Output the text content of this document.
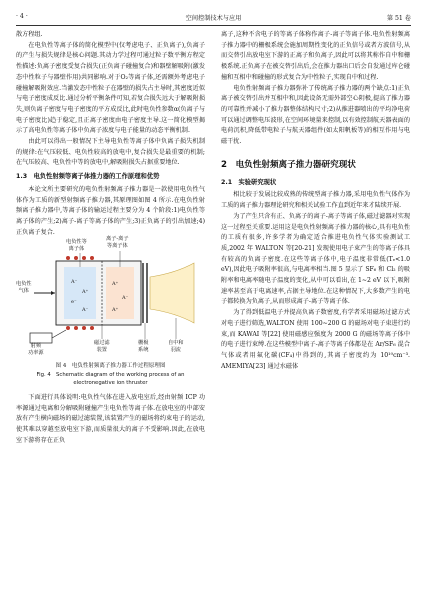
· 4 ·	空间控制技术与应用	第 51 卷

散方程组.

在电负性等离子体的简化模型中(仅考虑电子、正负离子),负离子的产生与损失规律是核心问题.其动力学过程可通过粒子数平衡方程定性描述:负离子密度受复合损失(正负离子碰撞复合)和器壁解吸附(激发态中性粒子与器壁作用)共同影响.对于O₂等离子体,还需额外考虑电子碰撞解吸附效应.当激发态中性粒子在器壁的损失占主导时,其密度近似与电子密度成反比.通过分析平衡条件可知,若复合损失远大于解吸附损失,则负离子密度与电子密度的平方成反比,此时电负性参数α(负离子与电子密度比)趋于稳定,且正离子密度由电子密度主导.这一简化模型揭示了高电负性等离子体中负离子浓度与电子能量的动态平衡机制.

由此可以得出一般情况下主导电负性等离子体中负离子损失机制的规律:在气压较低、电负性较高的放电中,复合损失是最重要的机制;在气压较高、电负性中等的放电中,解吸附损失占据重要地位.

1.3　电负性射频等离子体推力器的工作原理和优势

本论文所主要研究的电负性射频离子推力器是一款使用电负性气体作为工质的新型射频离子推力器,其原理图如图 4 所示.在电负性射频离子推力器中,等离子体的输运过程主要分为 4 个阶段:1)电负性等离子体的产生;2)离子-离子等离子体的产生;3)正负离子的引出加速;4)正负离子复合.

A⁻
A⁺
e⁻
A⁻
A⁺
A⁻
A⁺
电负性
气体
射频
功率源
电负性等
离子体
离子-离子
等离子体
磁过滤
装置
栅极
系统
自中和
羽流
图 4　电负性射频离子推力器工作过程原理图
Fig. 4　Schematic diagram of the working process of an
electronegative ion thruster

下面进行具体说明:电负性气体在进入放电室后,经由射频 ICP 功率源通过电离和分解吸附碰撞产生电负性等离子体.在放电室的中部安放有产生横向磁场的磁过滤装置,该装置产生的磁场将约束电子的运动,使其难以穿越至放电室下游,而质量很大的离子不受影响.因此,在放电室下游将存在正负

离子,这种不含电子的等离子体称作离子-离子等离子体.电负性射频离子推力器中的栅极系统会施加周期性变化的正负信号或者方波信号,从而交替引出放电室下游的正离子和负离子,因此可以将其称作自中和栅极系统.正负离子在被交替引出后,会在推力器出口后会自发通过库仑碰撞和互相中和碰撞的形式复合为中性粒子,实现自中和过程.

电负性射频离子推力器弥补了传统离子推力器的两个缺点:1)正负离子被交替引出并互相中和,因此设备无需外部空心阴极,提高了推力器的可靠性并减小了推力器整体结构尺寸;2)从推进器喷出的平均净电荷可以通过调整电压波形,在空间环境量来控制,以有效控制航天器表面的电荷沉积,降低带电粒子与航天器组件(如太阳帆板等)的相互作用与电磁干扰.

2　电负性射频离子推力器研究现状
2.1　实验研究现状

相比较于发展比较成熟的传统型离子推力器,采用电负性气体作为工质的离子推力器理论研究和相关试验工作直到近年来才陆续开展.

为了产生只含有正、负离子的离子-离子等离子体,磁过滤器对实现这一过程至关重要.运用这是电负性射频离子推力器的核心,具有电负性的工质有很多,许多学者为确定适合推进电负性气体实验测试工质,2002 年 WALTON 等[20-21] 发现使用电子束产生的等离子体具有较高的负离子密度.在这些等离子体中,电子温度非常低(Tₑ<1.0 eV),因此电子吸附率很高,与电离率相当.图 5 显示了 SF₆ 和 Cl₂ 的吸附率和电离率随电子温度的变化,从中可以看出,在 1~2 eV 以下,吸附速率甚至高于电离速率,占据主导地位.在这种情况下,大多数产生的电子都转换为负离子,从而形成离子-离子等离子体.

为了得到低温电子并提高负离子数密度,有学者采用磁场过滤方式对电子进行筛选,WALTON 使用 100~200 G 的磁场对电子束进行约束,而 KAWAI 等[22] 使用磁感应强度为 2000 G 的磁场等离子体中的电子进行束缚.在这些模型中离子-离子等离子体都是在 Ar/SF₆ 混合气体或者用氟化碳(CF₄)中得到的,其离子密度约为 10¹⁰cm⁻³. AMEMIYA[23] 通过水磁体
